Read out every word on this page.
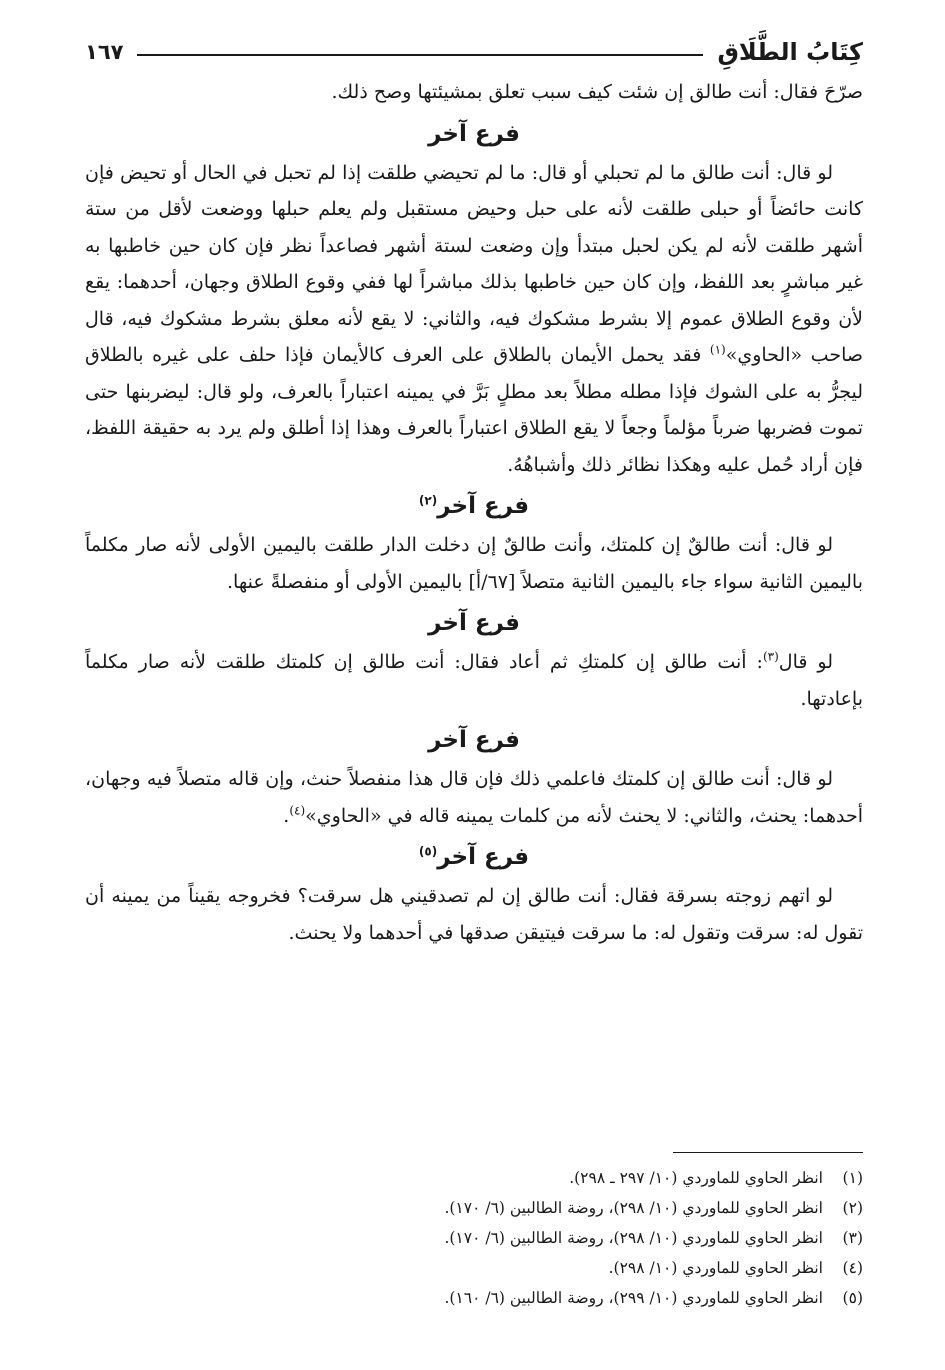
كِتَابُ الطَّلَاقِ
١٦٧

صرّحَ فقال: أنت طالق إن شئت كيف سبب تعلق بمشيئتها وصح ذلك.

فرع آخر

لو قال: أنت طالق ما لم تحبلي أو قال: ما لم تحيضي طلقت إذا لم تحبل في الحال أو تحيض فإن كانت حائضاً أو حبلى طلقت لأنه على حبل وحيض مستقبل ولم يعلم حبلها ووضعت لأقل من ستة أشهر طلقت لأنه لم يكن لحبل مبتدأ وإن وضعت لستة أشهر فصاعداً نظر فإن كان حين خاطبها به غير مباشرٍ بعد اللفظ، وإن كان حين خاطبها بذلك مباشراً لها ففي وقوع الطلاق وجهان، أحدهما: يقع لأن وقوع الطلاق عموم إلا بشرط مشكوك فيه، والثاني: لا يقع لأنه معلق بشرط مشكوك فيه، قال صاحب «الحاوي»$^{(١)}$ فقد يحمل الأيمان بالطلاق على العرف كالأيمان فإذا حلف على غيره بالطلاق ليجرُّ به على الشوك فإذا مطله مطلاً بعد مطلٍ بَرَّ في يمينه اعتباراً بالعرف، ولو قال: ليضربنها حتى تموت فضربها ضرباً مؤلماً وجعاً لا يقع الطلاق اعتباراً بالعرف وهذا إذا أطلق ولم يرد به حقيقة اللفظ، فإن أراد حُمل عليه وهكذا نظائر ذلك وأشباهُهُ.

فرع آخر$^{(٢)}$

لو قال: أنت طالقٌ إن كلمتك، وأنت طالقٌ إن دخلت الدار طلقت باليمين الأولى لأنه صار مكلماً باليمين الثانية سواء جاء باليمين الثانية متصلاً [٦٧/أ] باليمين الأولى أو منفصلةً عنها.

فرع آخر

لو قال$^{(٣)}$: أنت طالق إن كلمتكِ ثم أعاد فقال: أنت طالق إن كلمتك طلقت لأنه صار مكلماً بإعادتها.

فرع آخر

لو قال: أنت طالق إن كلمتك فاعلمي ذلك فإن قال هذا منفصلاً حنث، وإن قاله متصلاً فيه وجهان، أحدهما: يحنث، والثاني: لا يحنث لأنه من كلمات يمينه قاله في «الحاوي»$^{(٤)}$.

فرع آخر$^{(٥)}$

لو اتهم زوجته بسرقة فقال: أنت طالق إن لم تصدقيني هل سرقت؟ فخروجه يقيناً من يمينه أن تقول له: سرقت وتقول له: ما سرقت فيتيقن صدقها في أحدهما ولا يحنث.

(١)
انظر الحاوي للماوردي (١٠/ ٢٩٧ ـ ٢٩٨).
(٢)
انظر الحاوي للماوردي (١٠/ ٢٩٨)، روضة الطالبين (٦/ ١٧٠).
(٣)
انظر الحاوي للماوردي (١٠/ ٢٩٨)، روضة الطالبين (٦/ ١٧٠).
(٤)
انظر الحاوي للماوردي (١٠/ ٢٩٨).
(٥)
انظر الحاوي للماوردي (١٠/ ٢٩٩)، روضة الطالبين (٦/ ١٦٠).
